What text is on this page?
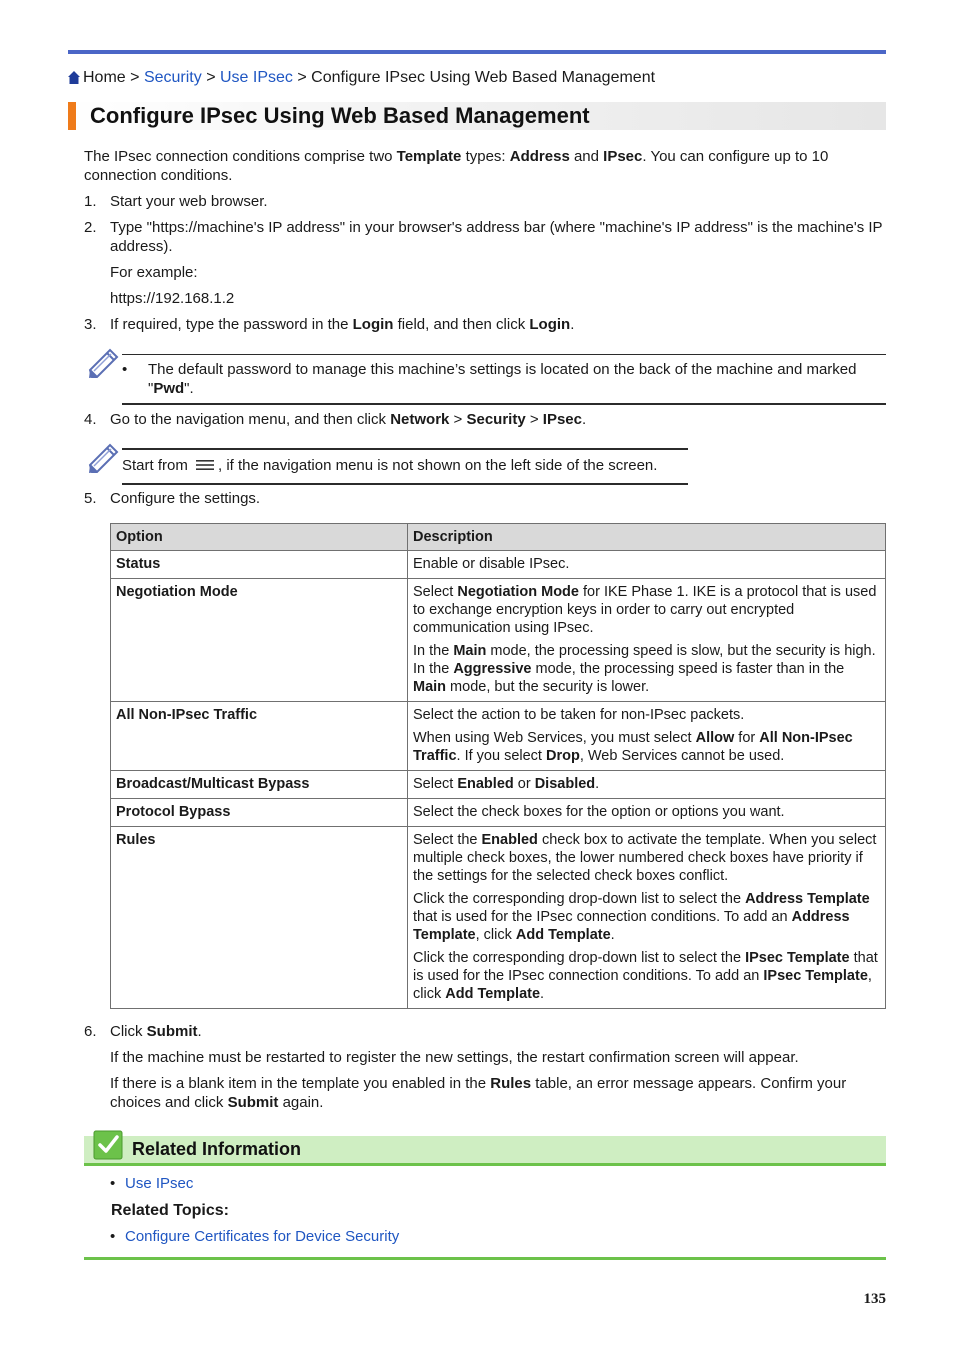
Home > Security > Use IPsec > Configure IPsec Using Web Based Management
Configure IPsec Using Web Based Management
The IPsec connection conditions comprise two Template types: Address and IPsec. You can configure up to 10 connection conditions.
1. Start your web browser.
2. Type "https://machine's IP address" in your browser's address bar (where "machine's IP address" is the machine's IP address).
For example:
https://192.168.1.2
3. If required, type the password in the Login field, and then click Login.
• The default password to manage this machine’s settings is located on the back of the machine and marked "Pwd".
4. Go to the navigation menu, and then click Network > Security > IPsec.
Start from , if the navigation menu is not shown on the left side of the screen.
5. Configure the settings.
Option	Description
Status	Enable or disable IPsec.
Negotiation Mode	Select Negotiation Mode for IKE Phase 1. IKE is a protocol that is used to exchange encryption keys in order to carry out encrypted communication using IPsec.

In the Main mode, the processing speed is slow, but the security is high. In the Aggressive mode, the processing speed is faster than in the Main mode, but the security is lower.

All Non-IPsec Traffic	Select the action to be taken for non-IPsec packets.

When using Web Services, you must select Allow for All Non-IPsec Traffic. If you select Drop, Web Services cannot be used.

Broadcast/Multicast Bypass	Select Enabled or Disabled.
Protocol Bypass	Select the check boxes for the option or options you want.
Rules	Select the Enabled check box to activate the template. When you select multiple check boxes, the lower numbered check boxes have priority if the settings for the selected check boxes conflict.

Click the corresponding drop-down list to select the Address Template that is used for the IPsec connection conditions. To add an Address Template, click Add Template.

Click the corresponding drop-down list to select the IPsec Template that is used for the IPsec connection conditions. To add an IPsec Template, click Add Template.

6. Click Submit.
If the machine must be restarted to register the new settings, the restart confirmation screen will appear.
If there is a blank item in the template you enabled in the Rules table, an error message appears. Confirm your choices and click Submit again.
Related Information
• Use IPsec
Related Topics:
• Configure Certificates for Device Security
135
